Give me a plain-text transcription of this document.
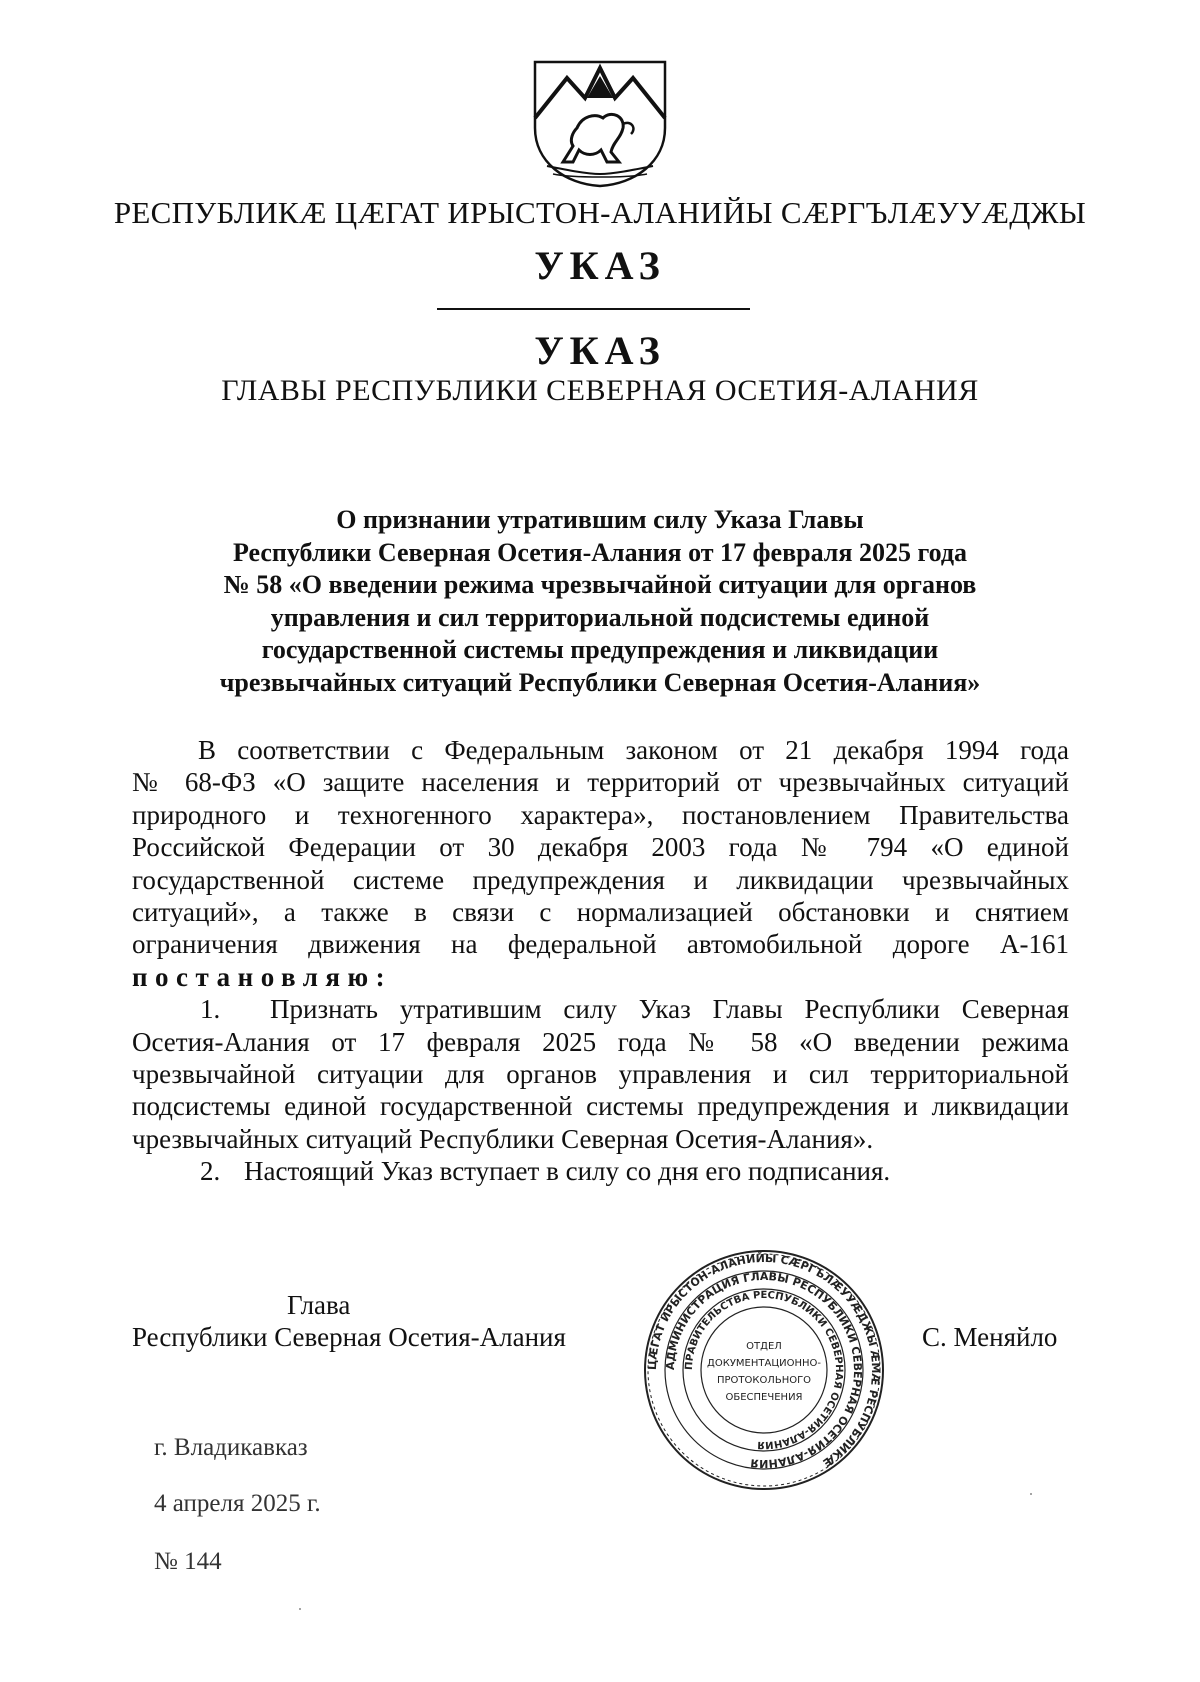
РЕСПУБЛИКÆ ЦÆГАТ ИРЫСТОН-АЛАНИЙЫ СÆРГЪЛÆУУÆДЖЫ
УКАЗ
УКАЗ
ГЛАВЫ РЕСПУБЛИКИ СЕВЕРНАЯ ОСЕТИЯ-АЛАНИЯ
О признании утратившим силу Указа Главы
Республики Северная Осетия-Алания от 17 февраля 2025 года
№ 58 «О введении режима чрезвычайной ситуации для органов
управления и сил территориальной подсистемы единой
государственной системы предупреждения и ликвидации
чрезвычайных ситуаций Республики Северная Осетия-Алания»
В соответствии с Федеральным законом от 21 декабря 1994 года
№ 68-ФЗ «О защите населения и территорий от чрезвычайных ситуаций
природного и техногенного характера», постановлением Правительства
Российской Федерации от 30 декабря 2003 года № 794 «О единой
государственной системе предупреждения и ликвидации чрезвычайных
ситуаций», а также в связи с нормализацией обстановки и снятием
ограничения движения на федеральной автомобильной дороге А-161
постановляю:
1.	Признать утратившим силу Указ Главы Республики Северная
Осетия-Алания от 17 февраля 2025 года № 58 «О введении режима
чрезвычайной ситуации для органов управления и сил территориальной
подсистемы единой государственной системы предупреждения и ликвидации
чрезвычайных ситуаций Республики Северная Осетия-Алания».
2. Настоящий Указ вступает в силу со дня его подписания.
Глава
Республики Северная Осетия-Алания	С. Меняйло
ЦÆГАТ ИРЫСТОН-АЛАНИЙЫ СÆРГЪЛÆУУÆДЖЫ ÆМÆ РЕСПУБЛИКÆ
АДМИНИСТРАЦИЯ ГЛАВЫ РЕСПУБЛИКИ СЕВЕРНАЯ ОСЕТИЯ-АЛАНИЯ
ПРАВИТЕЛЬСТВА РЕСПУБЛИКИ СЕВЕРНАЯ ОСЕТИЯ-АЛАНИЯ
ОТДЕЛ
ДОКУМЕНТАЦИОННО-
ПРОТОКОЛЬНОГО
ОБЕСПЕЧЕНИЯ
г. Владикавказ
4 апреля 2025 г.
№ 144
